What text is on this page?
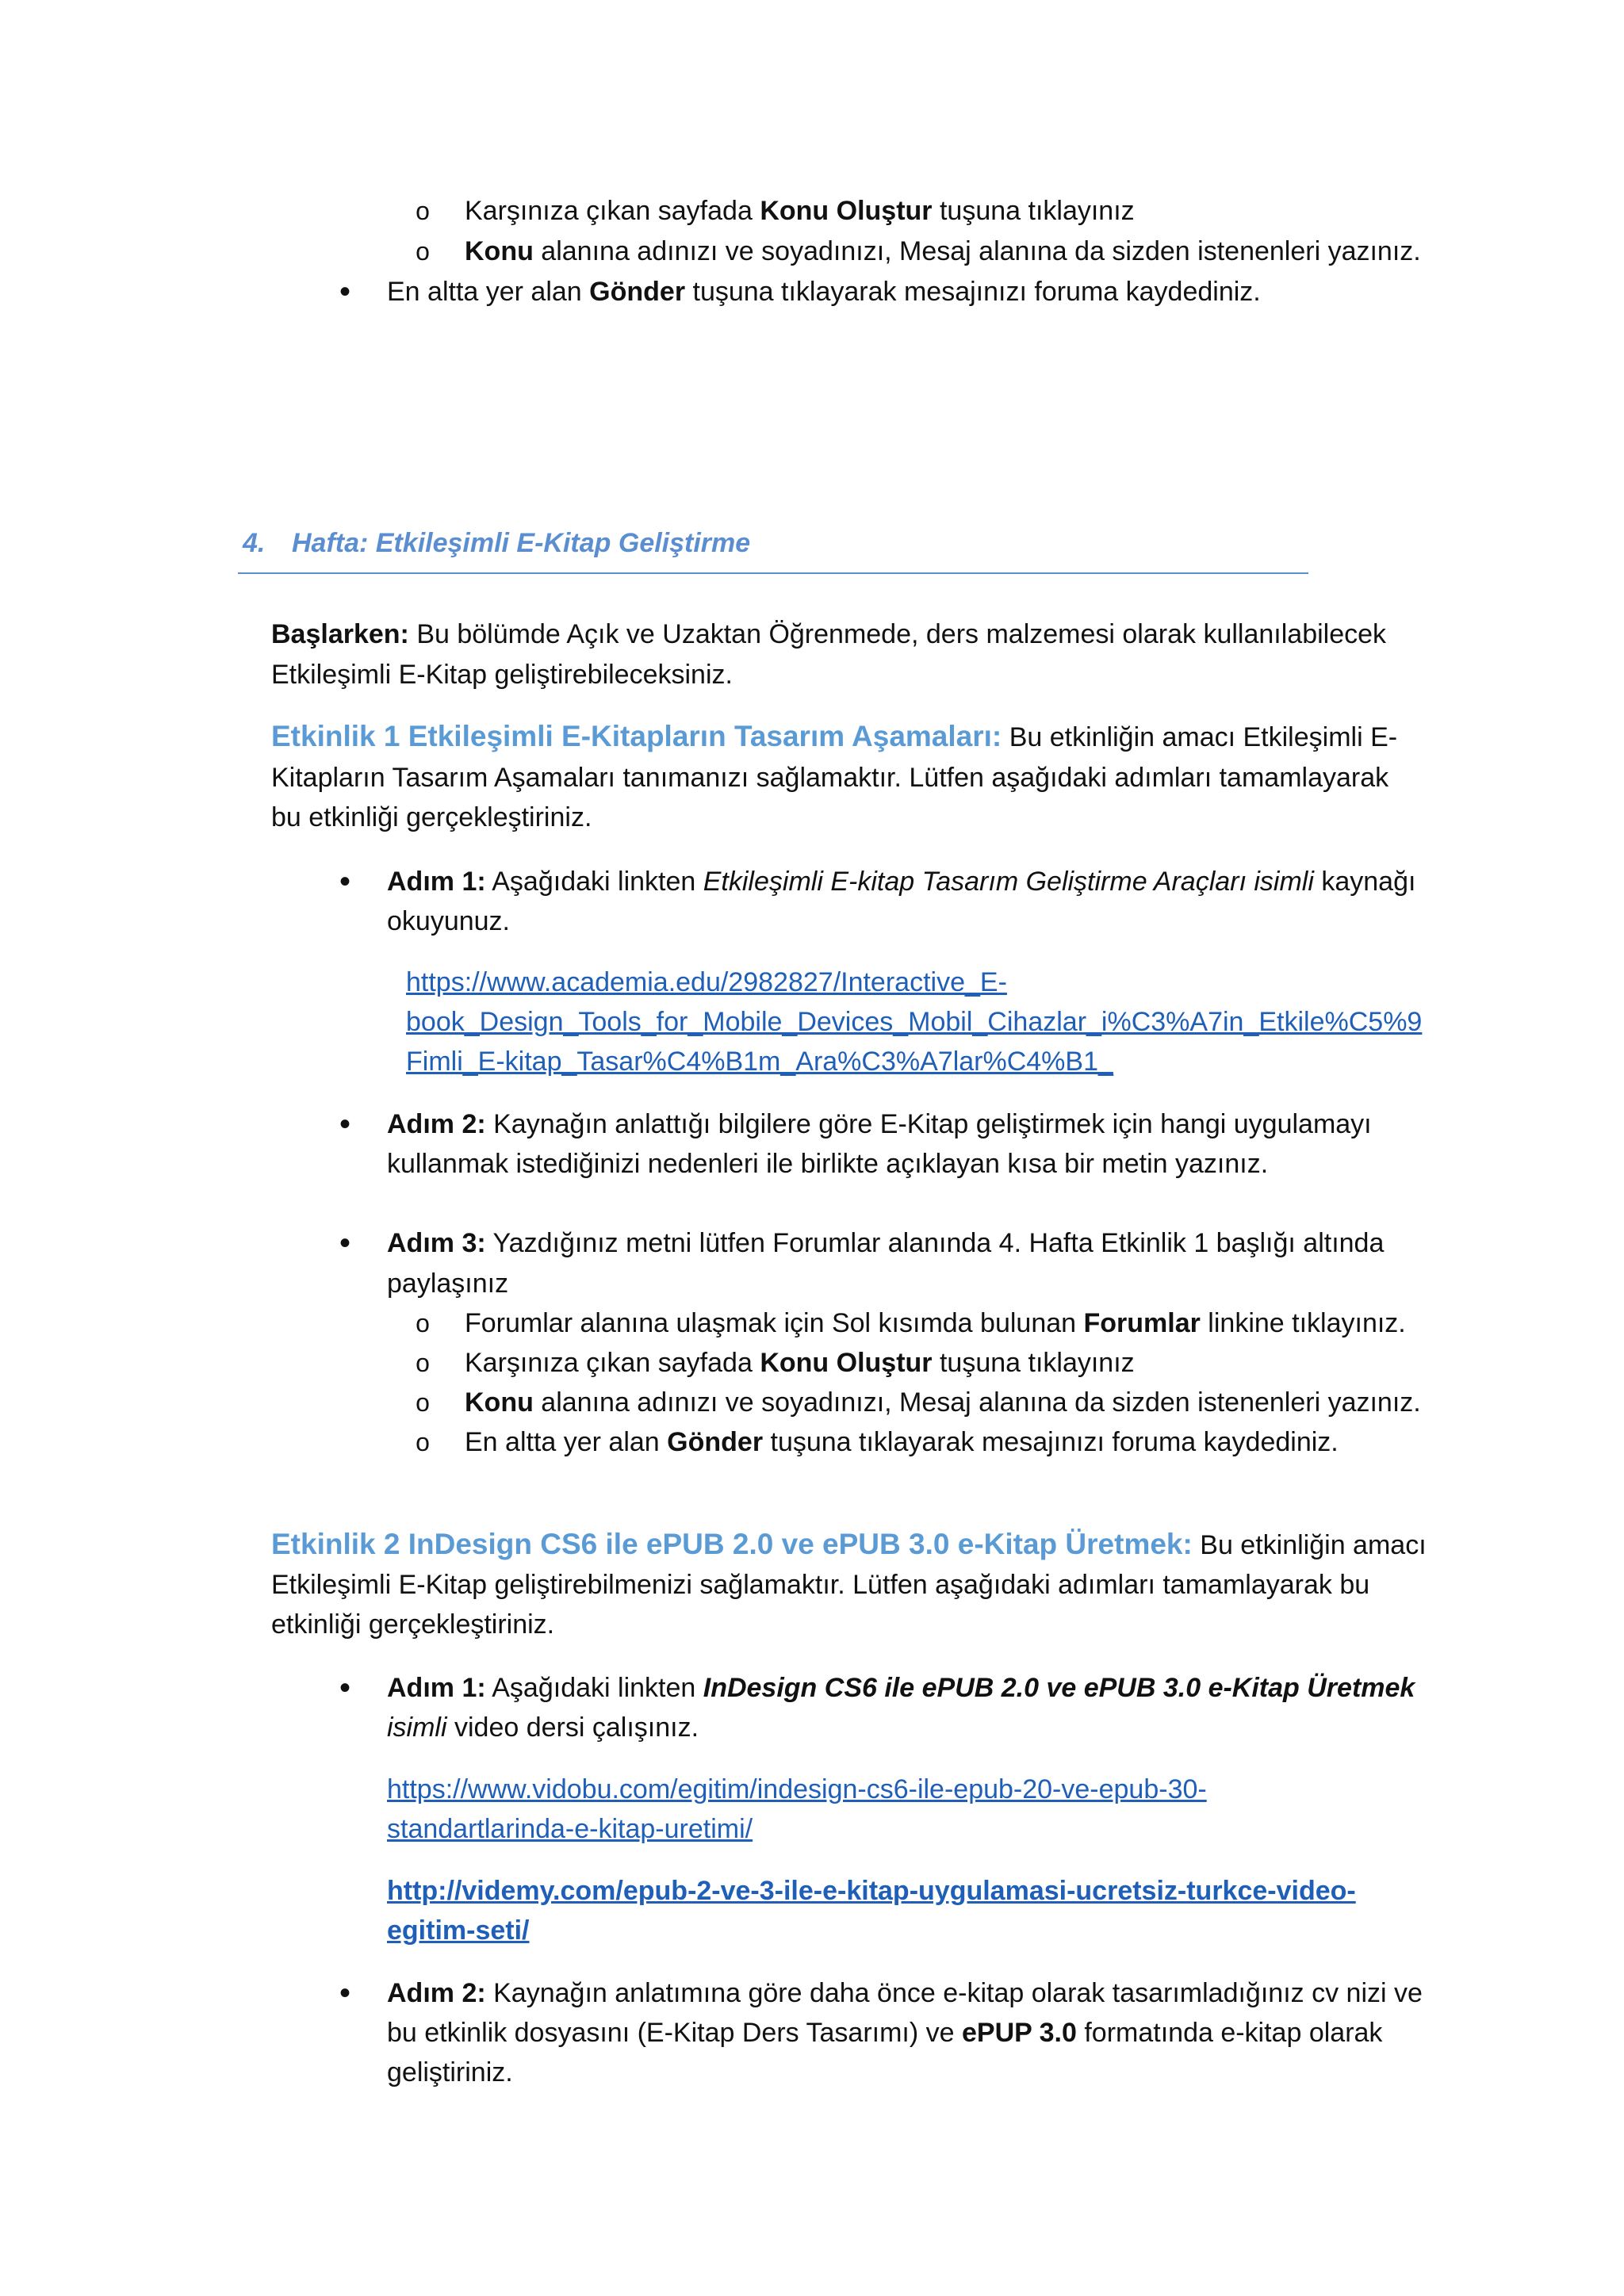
o
Karşınıza çıkan sayfada Konu Oluştur tuşuna tıklayınız
o
Konu alanına adınızı ve soyadınızı, Mesaj alanına da sizden istenenleri yazınız.
•
En altta yer alan Gönder tuşuna tıklayarak mesajınızı foruma kaydediniz.
4. Hafta: Etkileşimli E-Kitap Geliştirme
Başlarken: Bu bölümde Açık ve Uzaktan Öğrenmede, ders malzemesi olarak kullanılabilecek
Etkileşimli E-Kitap geliştirebileceksiniz.
Etkinlik 1 Etkileşimli E-Kitapların Tasarım Aşamaları: Bu etkinliğin amacı Etkileşimli E-
Kitapların Tasarım Aşamaları tanımanızı sağlamaktır. Lütfen aşağıdaki adımları tamamlayarak
bu etkinliği gerçekleştiriniz.
•
Adım 1: Aşağıdaki linkten Etkileşimli E-kitap Tasarım Geliştirme Araçları isimli kaynağı
okuyunuz.
https://www.academia.edu/2982827/Interactive_E-
book_Design_Tools_for_Mobile_Devices_Mobil_Cihazlar_i%C3%A7in_Etkile%C5%9
Fimli_E-kitap_Tasar%C4%B1m_Ara%C3%A7lar%C4%B1_
•
Adım 2: Kaynağın anlattığı bilgilere göre E-Kitap geliştirmek için hangi uygulamayı
kullanmak istediğinizi nedenleri ile birlikte açıklayan kısa bir metin yazınız.
•
Adım 3: Yazdığınız metni lütfen Forumlar alanında 4. Hafta Etkinlik 1 başlığı altında
paylaşınız
o
Forumlar alanına ulaşmak için Sol kısımda bulunan Forumlar linkine tıklayınız.
o
Karşınıza çıkan sayfada Konu Oluştur tuşuna tıklayınız
o
Konu alanına adınızı ve soyadınızı, Mesaj alanına da sizden istenenleri yazınız.
o
En altta yer alan Gönder tuşuna tıklayarak mesajınızı foruma kaydediniz.
Etkinlik 2 InDesign CS6 ile ePUB 2.0 ve ePUB 3.0 e-Kitap Üretmek: Bu etkinliğin amacı
Etkileşimli E-Kitap geliştirebilmenizi sağlamaktır. Lütfen aşağıdaki adımları tamamlayarak bu
etkinliği gerçekleştiriniz.
•
Adım 1: Aşağıdaki linkten InDesign CS6 ile ePUB 2.0 ve ePUB 3.0 e-Kitap Üretmek
isimli video dersi çalışınız.
https://www.vidobu.com/egitim/indesign-cs6-ile-epub-20-ve-epub-30-
standartlarinda-e-kitap-uretimi/
http://videmy.com/epub-2-ve-3-ile-e-kitap-uygulamasi-ucretsiz-turkce-video-
egitim-seti/
•
Adım 2: Kaynağın anlatımına göre daha önce e-kitap olarak tasarımladığınız cv nizi ve
bu etkinlik dosyasını (E-Kitap Ders Tasarımı) ve ePUP 3.0 formatında e-kitap olarak
geliştiriniz.
